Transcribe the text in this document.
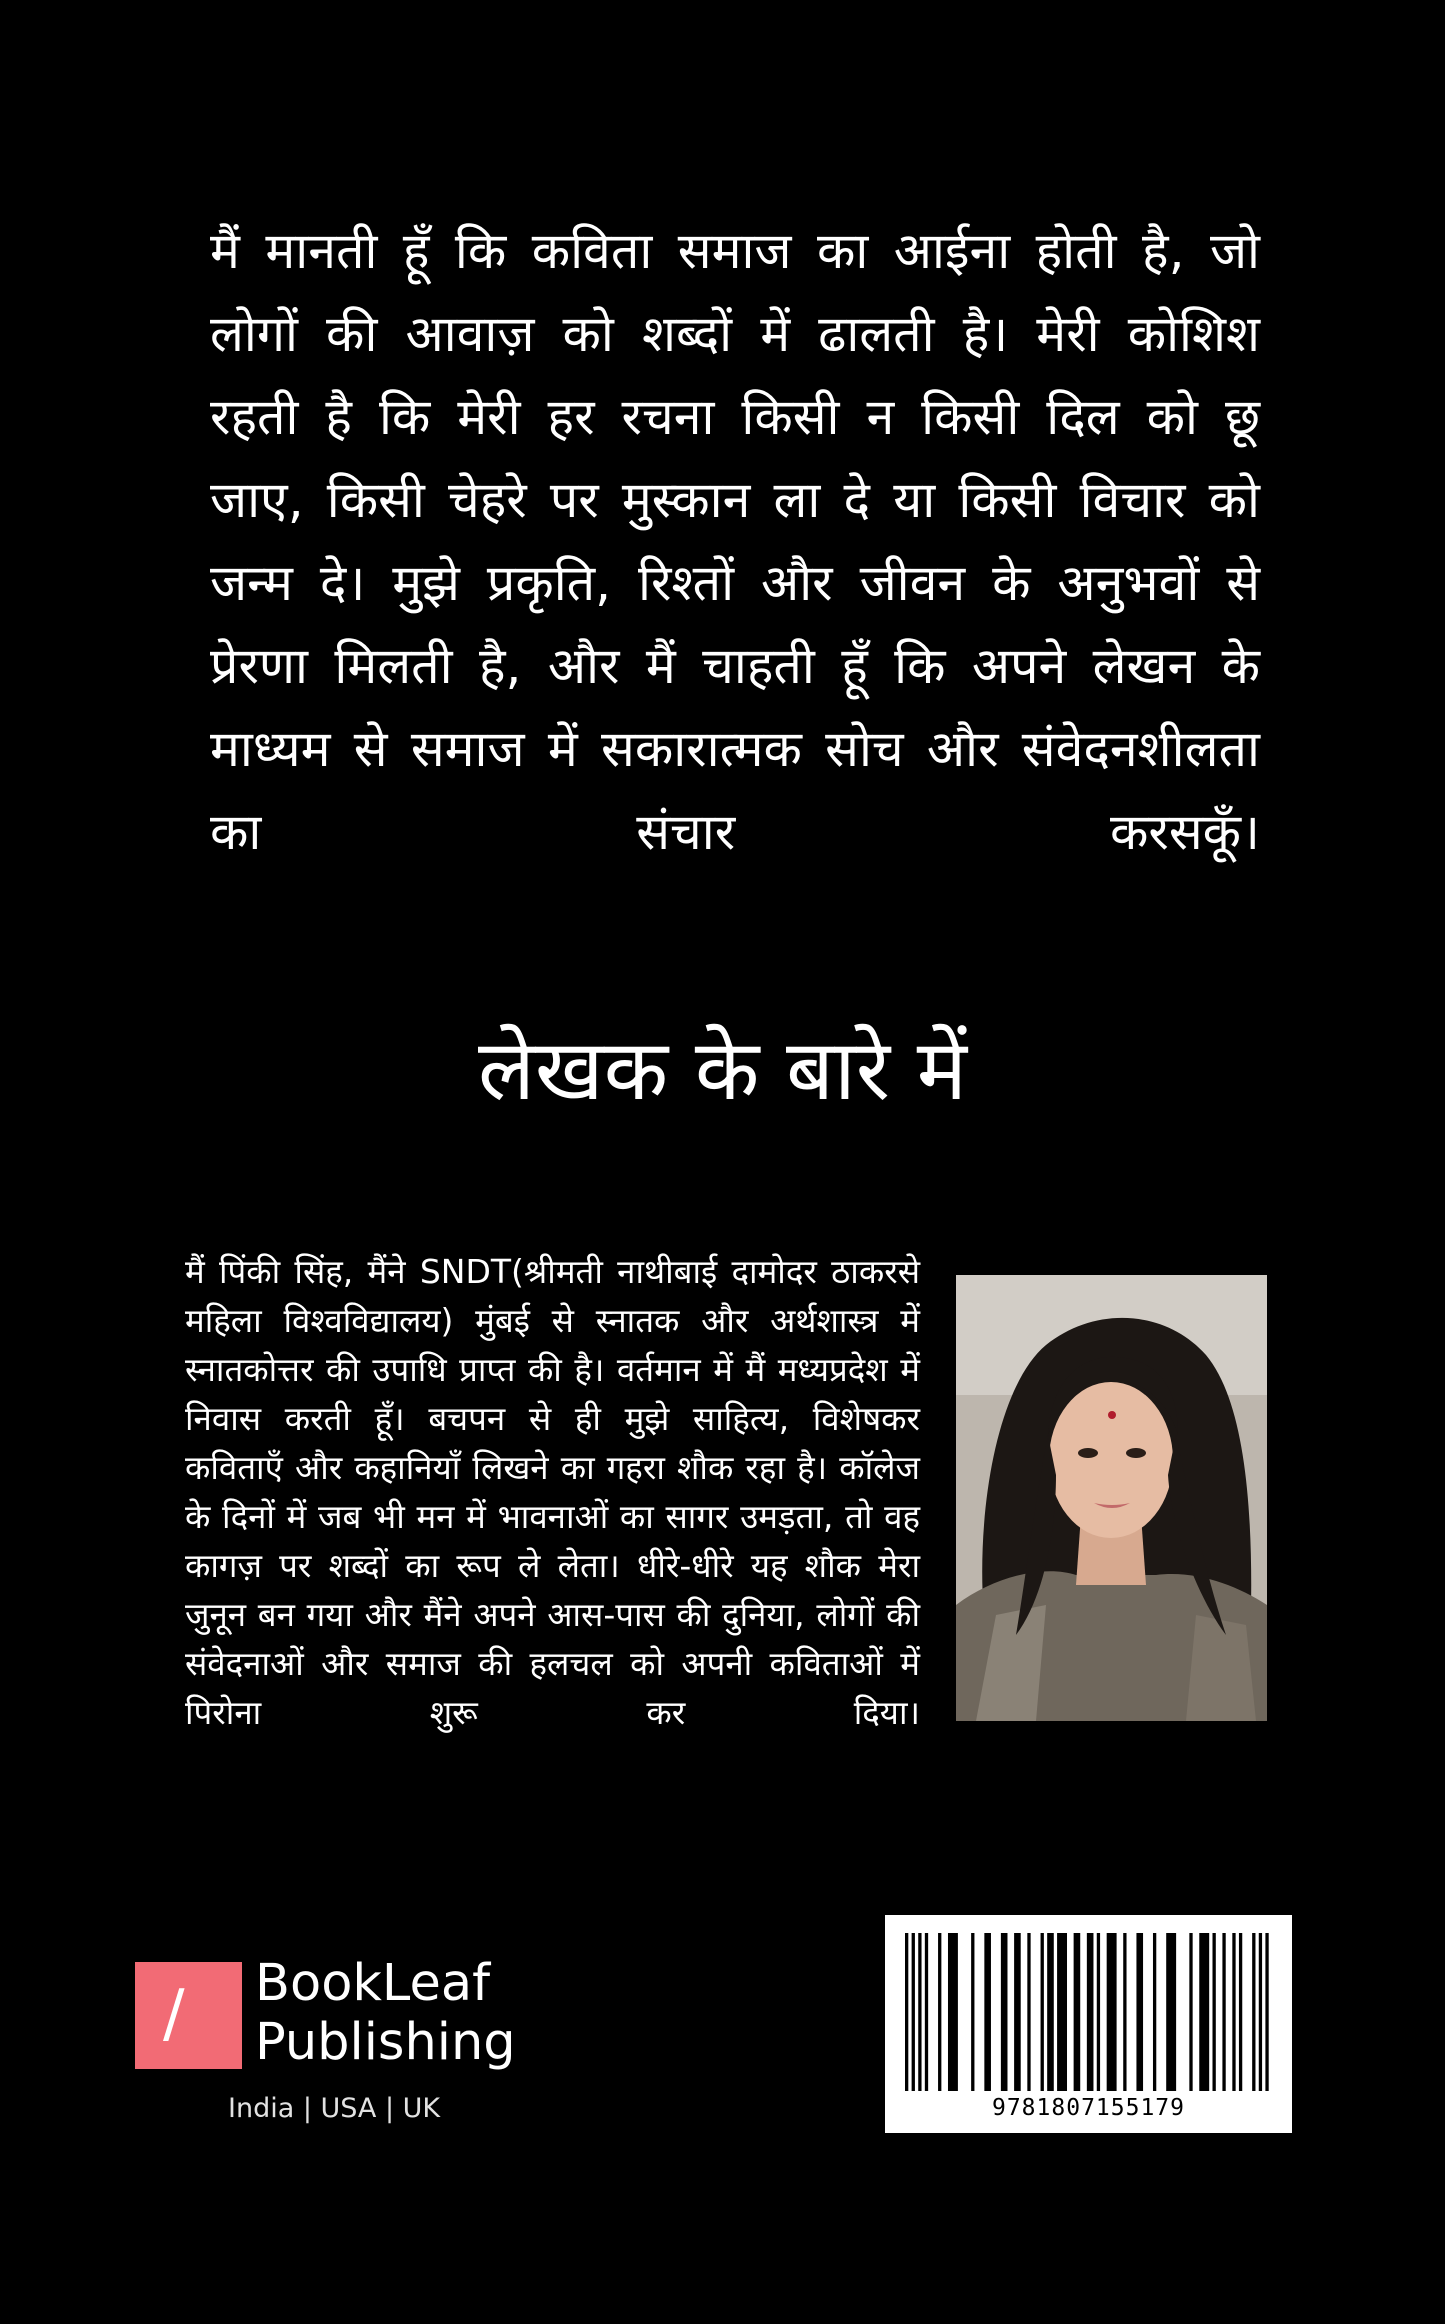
मैं मानती हूँ कि कविता समाज का आईना होती है, जो लोगों की आवाज़ को शब्दों में ढालती है। मेरी कोशिश रहती है कि मेरी हर रचना किसी न किसी दिल को छू जाए, किसी चेहरे पर मुस्कान ला दे या किसी विचार को जन्म दे। मुझे प्रकृति, रिश्तों और जीवन के अनुभवों से प्रेरणा मिलती है, और मैं चाहती हूँ कि अपने लेखन के माध्यम से समाज में सकारात्मक सोच और संवेदनशीलता का संचार करसकूँ।

लेखक के बारे में

मैं पिंकी सिंह, मैंने SNDT(श्रीमती नाथीबाई दामोदर ठाकरसे महिला विश्वविद्यालय) मुंबई से स्नातक और अर्थशास्त्र में स्नातकोत्तर की उपाधि प्राप्त की है। वर्तमान में मैं मध्यप्रदेश में निवास करती हूँ। बचपन से ही मुझे साहित्य, विशेषकर कविताएँ और कहानियाँ लिखने का गहरा शौक रहा है। कॉलेज के दिनों में जब भी मन में भावनाओं का सागर उमड़ता, तो वह कागज़ पर शब्दों का रूप ले लेता। धीरे-धीरे यह शौक मेरा जुनून बन गया और मैंने अपने आस-पास की दुनिया, लोगों की संवेदनाओं और समाज की हलचल को अपनी कविताओं में पिरोना शुरू कर दिया।

/ BookLeaf
Publishing
India | USA | UK	9781807155179
